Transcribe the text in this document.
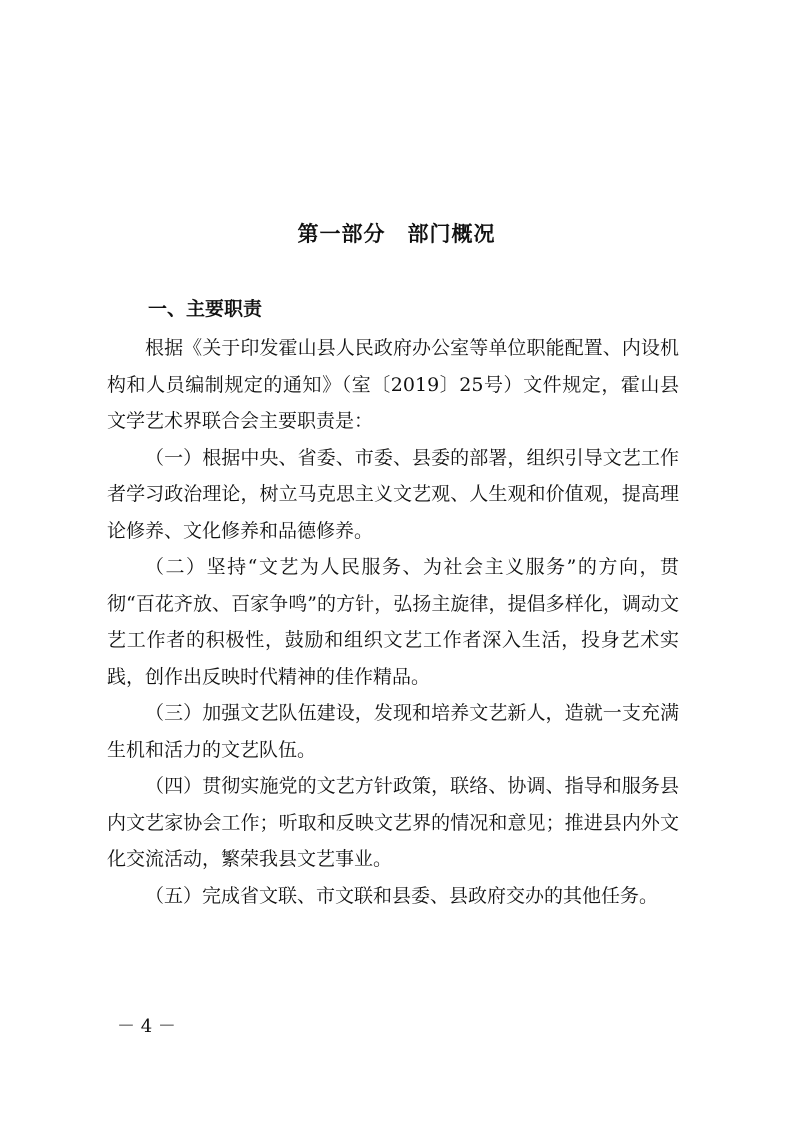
第一部分　部门概况
一、主要职责

根据《关于印发霍山县人民政府办公室等单位职能配置、内设机构和人员编制规定的通知》（室〔2019〕25号）文件规定，霍山县文学艺术界联合会主要职责是：

（一）根据中央、省委、市委、县委的部署，组织引导文艺工作者学习政治理论，树立马克思主义文艺观、人生观和价值观，提高理论修养、文化修养和品德修养。

（二）坚持“文艺为人民服务、为社会主义服务”的方向，贯彻“百花齐放、百家争鸣”的方针，弘扬主旋律，提倡多样化，调动文艺工作者的积极性，鼓励和组织文艺工作者深入生活，投身艺术实践，创作出反映时代精神的佳作精品。

（三）加强文艺队伍建设，发现和培养文艺新人，造就一支充满生机和活力的文艺队伍。

（四）贯彻实施党的文艺方针政策，联络、协调、指导和服务县内文艺家协会工作；听取和反映文艺界的情况和意见；推进县内外文化交流活动，繁荣我县文艺事业。

（五）完成省文联、市文联和县委、县政府交办的其他任务。

－ 4 －
